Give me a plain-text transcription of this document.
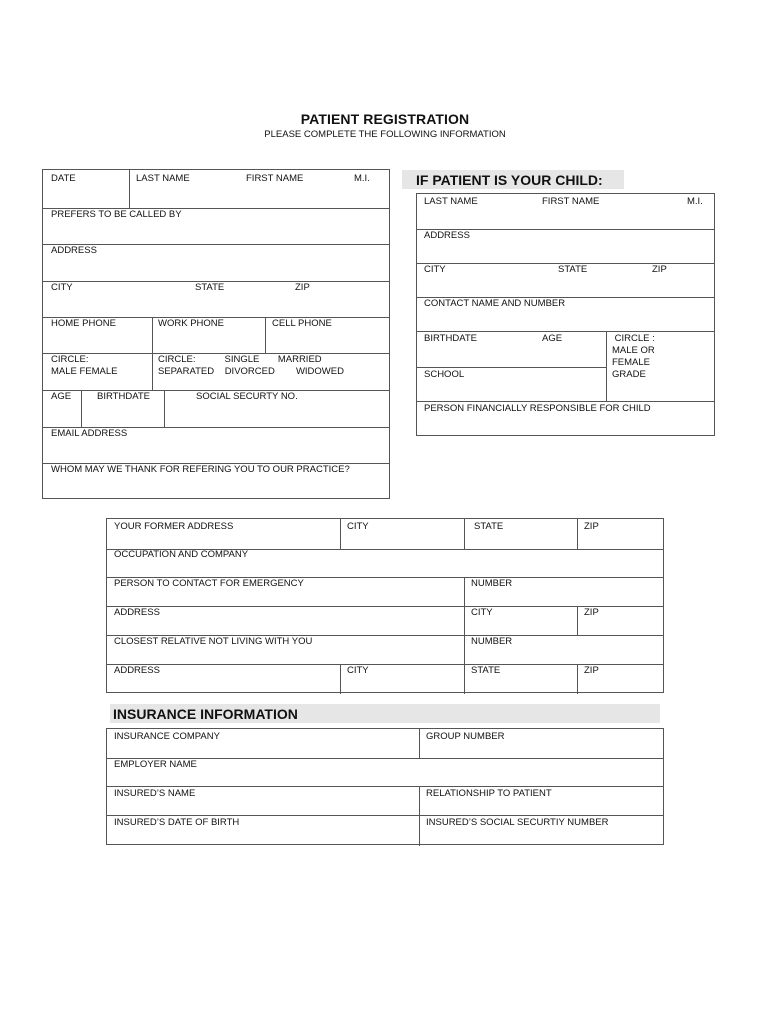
PATIENT REGISTRATION
PLEASE COMPLETE THE FOLLOWING INFORMATION
DATE	LAST NAME	FIRST NAME	M.I.
PREFERS TO BE CALLED BY
ADDRESS
CITY	STATE	ZIP
HOME PHONE	WORK PHONE	CELL PHONE
CIRCLE:
MALE FEMALE
CIRCLE:           SINGLE       MARRIED
SEPARATED    DIVORCED        WIDOWED
AGE	BIRTHDATE	SOCIAL SECURTY NO.
EMAIL ADDRESS
WHOM MAY WE THANK FOR REFERING YOU TO OUR PRACTICE?
IF PATIENT IS YOUR CHILD:
LAST NAME	FIRST NAME	M.I.
ADDRESS
CITY	STATE	ZIP
CONTACT NAME AND NUMBER
BIRTHDATE	AGE	CIRCLE :
MALE OR
FEMALE
SCHOOL	GRADE
PERSON FINANCIALLY RESPONSIBLE FOR CHILD
YOUR FORMER ADDRESS	CITY	STATE	ZIP
OCCUPATION AND COMPANY
PERSON TO CONTACT FOR EMERGENCY	NUMBER
ADDRESS	CITY	ZIP
CLOSEST RELATIVE NOT LIVING WITH YOU	NUMBER
ADDRESS	CITY	STATE	ZIP
INSURANCE INFORMATION
INSURANCE COMPANY	GROUP NUMBER
EMPLOYER NAME
INSURED’S NAME	RELATIONSHIP TO PATIENT
INSURED’S DATE OF BIRTH	INSURED’S SOCIAL SECURTIY NUMBER
